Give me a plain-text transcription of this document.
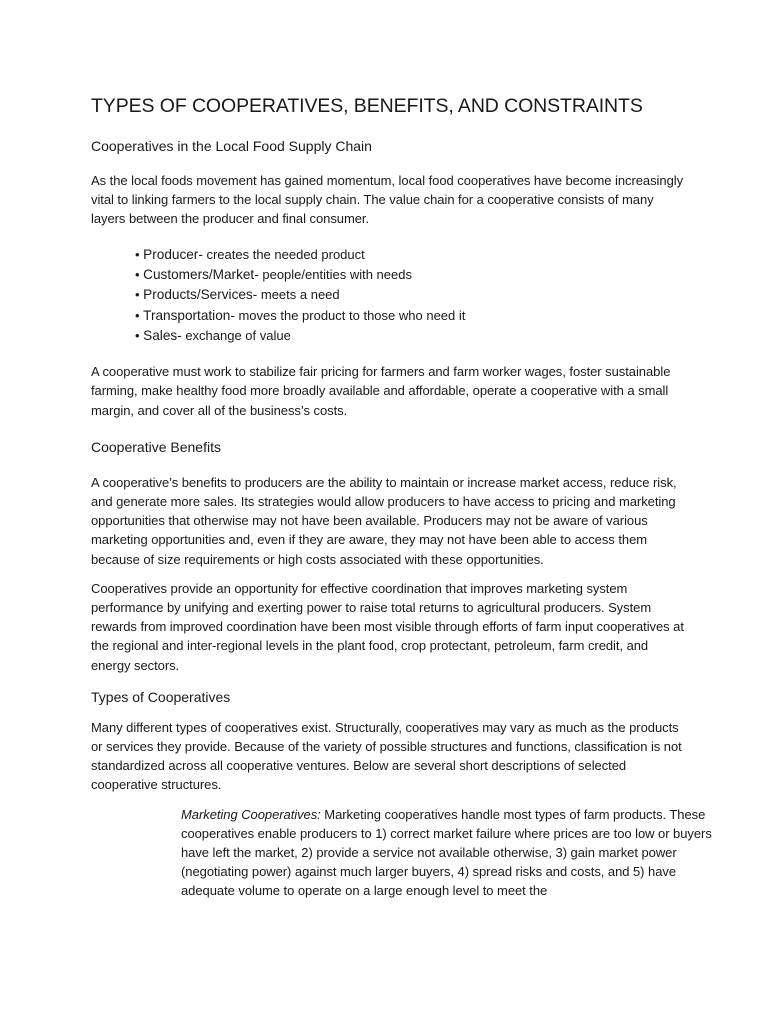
TYPES OF COOPERATIVES, BENEFITS, AND CONSTRAINTS
Cooperatives in the Local Food Supply Chain

As the local foods movement has gained momentum, local food cooperatives have become increasingly vital to linking farmers to the local supply chain. The value chain for a cooperative consists of many layers between the producer and final consumer.

• Producer- creates the needed product
• Customers/Market- people/entities with needs
• Products/Services- meets a need
• Transportation- moves the product to those who need it
• Sales- exchange of value

A cooperative must work to stabilize fair pricing for farmers and farm worker wages, foster sustainable farming, make healthy food more broadly available and affordable, operate a cooperative with a small margin, and cover all of the business’s costs.

Cooperative Benefits

A cooperative’s benefits to producers are the ability to maintain or increase market access, reduce risk, and generate more sales. Its strategies would allow producers to have access to pricing and marketing opportunities that otherwise may not have been available. Producers may not be aware of various marketing opportunities and, even if they are aware, they may not have been able to access them because of size requirements or high costs associated with these opportunities.

Cooperatives provide an opportunity for effective coordination that improves marketing system performance by unifying and exerting power to raise total returns to agricultural producers. System rewards from improved coordination have been most visible through efforts of farm input cooperatives at the regional and inter-regional levels in the plant food, crop protectant, petroleum, farm credit, and energy sectors.

Types of Cooperatives

Many different types of cooperatives exist. Structurally, cooperatives may vary as much as the products or services they provide. Because of the variety of possible structures and functions, classification is not standardized across all cooperative ventures. Below are several short descriptions of selected cooperative structures.

Marketing Cooperatives: Marketing cooperatives handle most types of farm products. These cooperatives enable producers to 1) correct market failure where prices are too low or buyers have left the market, 2) provide a service not available otherwise, 3) gain market power (negotiating power) against much larger buyers, 4) spread risks and costs, and 5) have adequate volume to operate on a large enough level to meet the
